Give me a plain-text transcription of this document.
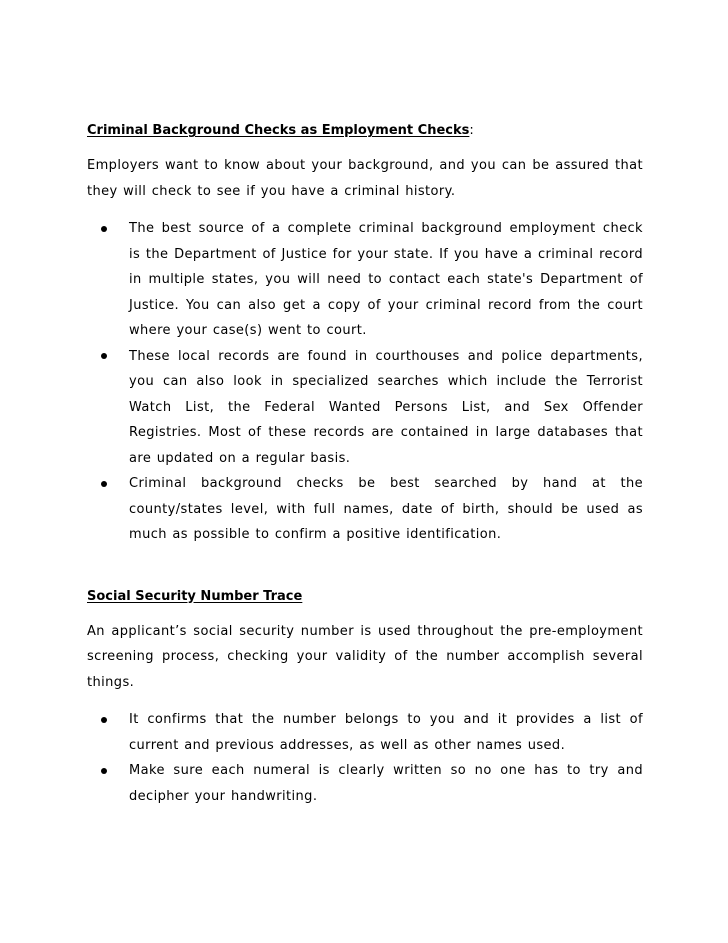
Criminal Background Checks as Employment Checks:

Employers want to know about your background, and you can be assured that they will check to see if you have a criminal history.

The best source of a complete criminal background employment check is the Department of Justice for your state. If you have a criminal record in multiple states, you will need to contact each state's Department of Justice. You can also get a copy of your criminal record from the court where your case(s) went to court.
These local records are found in courthouses and police departments, you can also look in specialized searches which include the Terrorist Watch List, the Federal Wanted Persons List, and Sex Offender Registries. Most of these records are contained in large databases that are updated on a regular basis.
Criminal background checks be best searched by hand at the county/states level, with full names, date of birth, should be used as much as possible to confirm a positive identification.
Social Security Number Trace

An applicant’s social security number is used throughout the pre-employment screening process, checking your validity of the number accomplish several things.

It confirms that the number belongs to you and it provides a list of current and previous addresses, as well as other names used.
Make sure each numeral is clearly written so no one has to try and decipher your handwriting.
